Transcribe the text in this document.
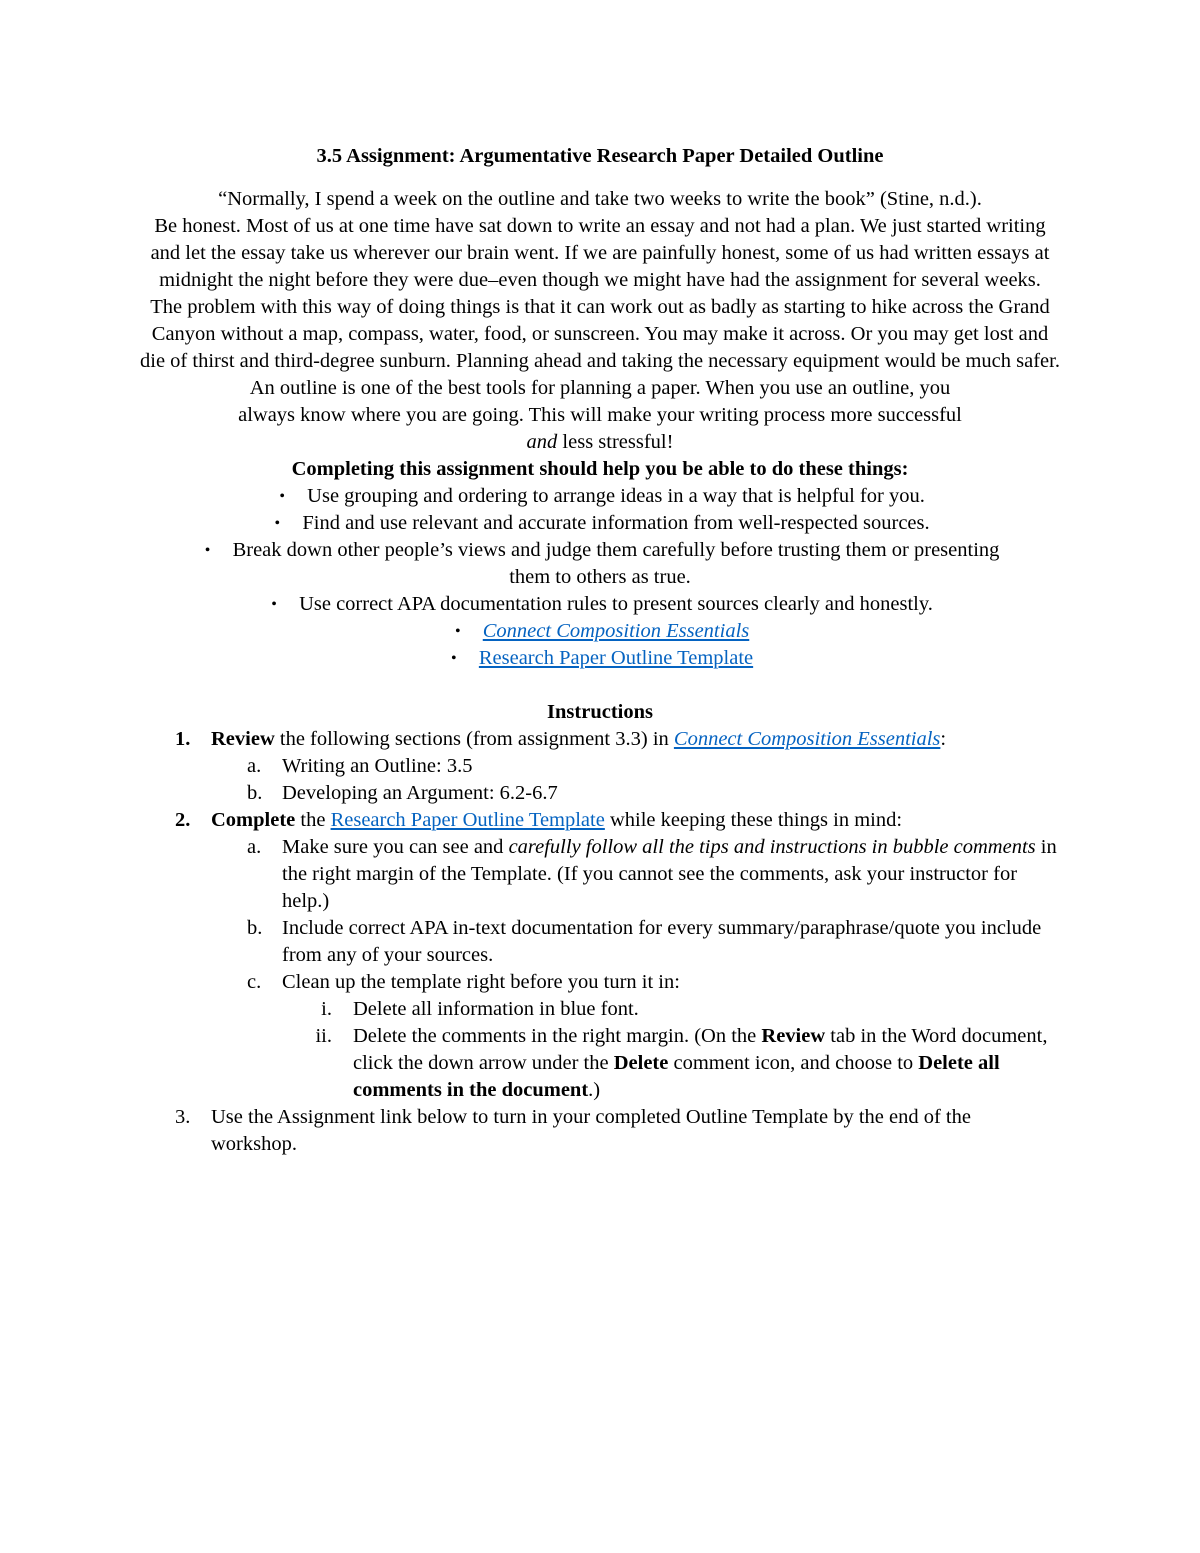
3.5 Assignment: Argumentative Research Paper Detailed Outline

“Normally, I spend a week on the outline and take two weeks to write the book” (Stine, n.d.).

Be honest. Most of us at one time have sat down to write an essay and not had a plan. We just started writing and let the essay take us wherever our brain went. If we are painfully honest, some of us had written essays at midnight the night before they were due–even though we might have had the assignment for several weeks.

The problem with this way of doing things is that it can work out as badly as starting to hike across the Grand Canyon without a map, compass, water, food, or sunscreen. You may make it across. Or you may get lost and die of thirst and third-degree sunburn. Planning ahead and taking the necessary equipment would be much safer.

An outline is one of the best tools for planning a paper. When you use an outline, you always know where you are going. This will make your writing process more successful and less stressful!

Completing this assignment should help you be able to do these things:

• Use grouping and ordering to arrange ideas in a way that is helpful for you.
• Find and use relevant and accurate information from well-respected sources.
• Break down other people’s views and judge them carefully before trusting them or presenting them to others as true.
• Use correct APA documentation rules to present sources clearly and honestly.
• Connect Composition Essentials
• Research Paper Outline Template

Instructions

1. Review the following sections (from assignment 3.3) in Connect Composition Essentials:
a. Writing an Outline: 3.5
b. Developing an Argument: 6.2-6.7
2. Complete the Research Paper Outline Template while keeping these things in mind:
a. Make sure you can see and carefully follow all the tips and instructions in bubble comments in the right margin of the Template. (If you cannot see the comments, ask your instructor for help.)
b. Include correct APA in-text documentation for every summary/paraphrase/quote you include from any of your sources.
c. Clean up the template right before you turn it in:
i. Delete all information in blue font.
ii. Delete the comments in the right margin. (On the Review tab in the Word document, click the down arrow under the Delete comment icon, and choose to Delete all comments in the document.)
3. Use the Assignment link below to turn in your completed Outline Template by the end of the workshop.
